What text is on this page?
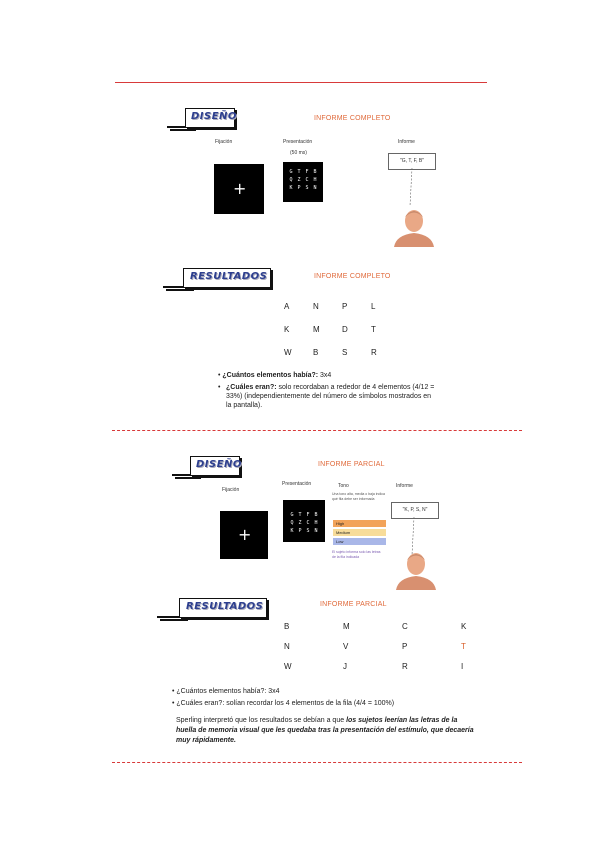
DISEÑO	INFORME COMPLETO
Fijación	Presentación
(50 ms)
Informe
+
G T F B
Q Z C H
K P S N
"G, T, F, B"
RESULTADOS	INFORME COMPLETO
A	N	P	L
K	M	D	T
W	B	S	R
• ¿Cuántos elementos había?: 3x4
• ¿Cuáles eran?: solo recordaban a rededor de 4 elementos (4/12 = 33%) (independientemente del número de símbolos mostrados en la pantalla).
DISEÑO	INFORME PARCIAL
Fijación
Presentación	Tono	Informe
+
G T F B
Q Z C H
K P S N
Una tono alta, media o baja indica qué fila debe ser informada
High
Medium
Low
El sujeto informa solo las letras de la fila indicada
"K, P, S, N"
RESULTADOS	INFORME PARCIAL
B	M	C	K
N	V	P	T
W	J	R	I
• ¿Cuántos elementos había?: 3x4
• ¿Cuáles eran?: solían recordar los 4 elementos de la fila (4/4 = 100%)
Sperling interpretó que los resultados se debían a que los sujetos leerían las letras de la huella de memoria visual que les quedaba tras la presentación del estímulo, que decaería muy rápidamente.
